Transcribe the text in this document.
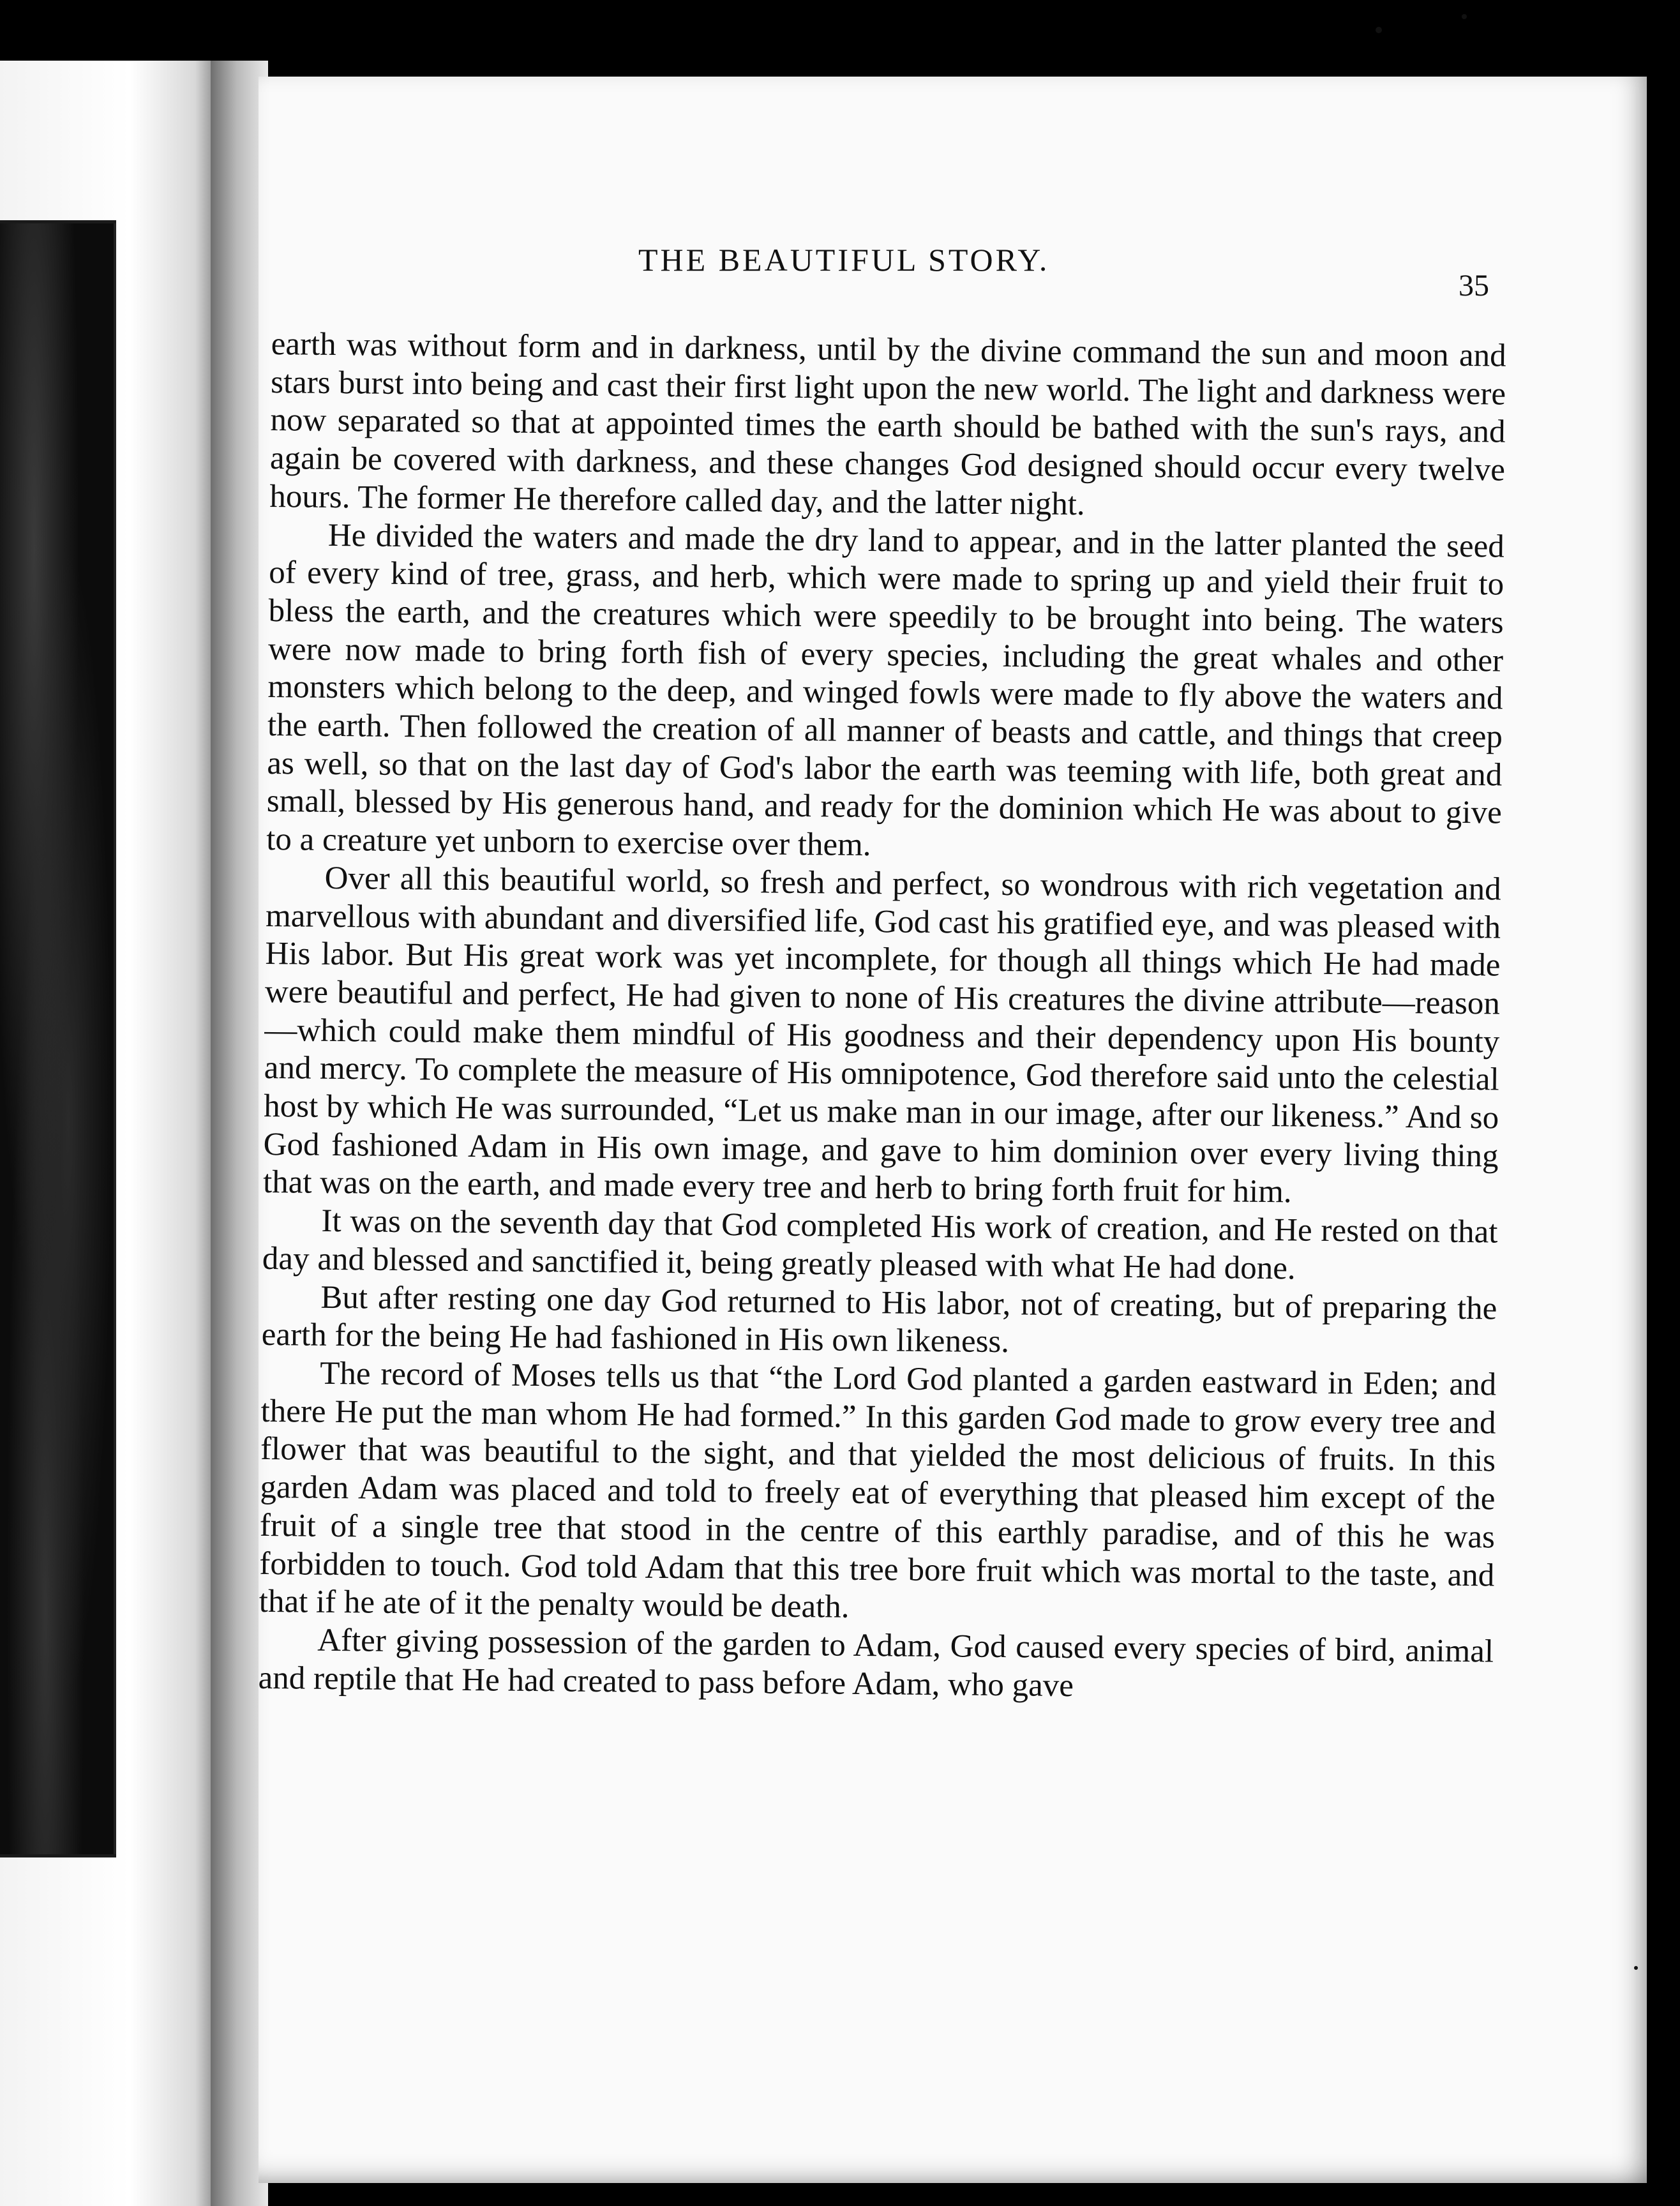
THE BEAUTIFUL STORY.
35

earth was without form and in darkness, until by the divine command the sun and moon and stars burst into being and cast their first light upon the new world. The light and darkness were now separated so that at appointed times the earth should be bathed with the sun's rays, and again be covered with darkness, and these changes God designed should occur every twelve hours. The former He therefore called day, and the latter night.

He divided the waters and made the dry land to appear, and in the latter planted the seed of every kind of tree, grass, and herb, which were made to spring up and yield their fruit to bless the earth, and the creatures which were speedily to be brought into being. The waters were now made to bring forth fish of every species, including the great whales and other monsters which belong to the deep, and winged fowls were made to fly above the waters and the earth. Then followed the creation of all manner of beasts and cattle, and things that creep as well, so that on the last day of God's labor the earth was teeming with life, both great and small, blessed by His generous hand, and ready for the dominion which He was about to give to a creature yet unborn to exercise over them.

Over all this beautiful world, so fresh and perfect, so wondrous with rich vegetation and marvellous with abundant and diversified life, God cast his gratified eye, and was pleased with His labor. But His great work was yet incomplete, for though all things which He had made were beautiful and perfect, He had given to none of His creatures the divine attribute—reason—which could make them mindful of His goodness and their dependency upon His bounty and mercy. To complete the measure of His omnipotence, God therefore said unto the celestial host by which He was surrounded, “Let us make man in our image, after our likeness.” And so God fashioned Adam in His own image, and gave to him dominion over every living thing that was on the earth, and made every tree and herb to bring forth fruit for him.

It was on the seventh day that God completed His work of creation, and He rested on that day and blessed and sanctified it, being greatly pleased with what He had done.

But after resting one day God returned to His labor, not of creating, but of preparing the earth for the being He had fashioned in His own likeness.

The record of Moses tells us that “the Lord God planted a garden eastward in Eden; and there He put the man whom He had formed.” In this garden God made to grow every tree and flower that was beautiful to the sight, and that yielded the most delicious of fruits. In this garden Adam was placed and told to freely eat of everything that pleased him except of the fruit of a single tree that stood in the centre of this earthly paradise, and of this he was forbidden to touch. God told Adam that this tree bore fruit which was mortal to the taste, and that if he ate of it the penalty would be death.

After giving possession of the garden to Adam, God caused every species of bird, animal and reptile that He had created to pass before Adam, who gave
